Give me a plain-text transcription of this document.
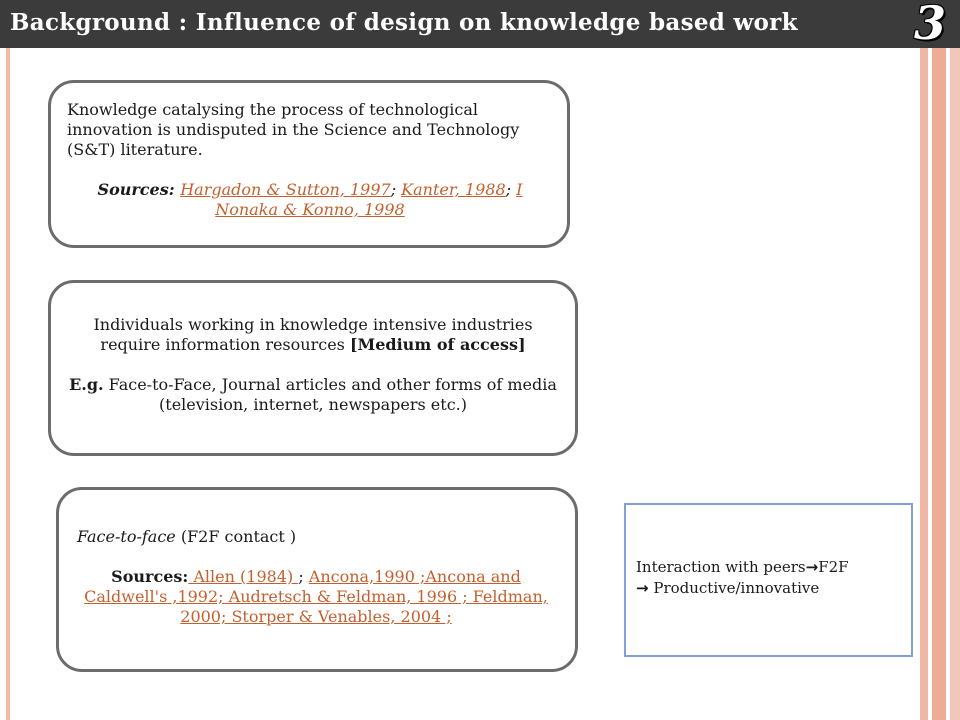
Background : Influence of design on knowledge based work	3

Knowledge catalysing the process of technological innovation is undisputed in the Science and Technology (S&T) literature.

Sources: Hargadon & Sutton, 1997; Kanter, 1988; I
Nonaka & Konno, 1998

Individuals working in knowledge intensive industries require information resources [Medium of access]

E.g. Face-to-Face, Journal articles and other forms of media (television, internet, newspapers etc.)

Face-to-face (F2F contact )

Sources: Allen (1984) ; Ancona,1990 ;Ancona and Caldwell's ,1992; Audretsch & Feldman, 1996 ; Feldman, 2000; Storper & Venables, 2004 ;

Interaction with peers→F2F
→ Productive/innovative
